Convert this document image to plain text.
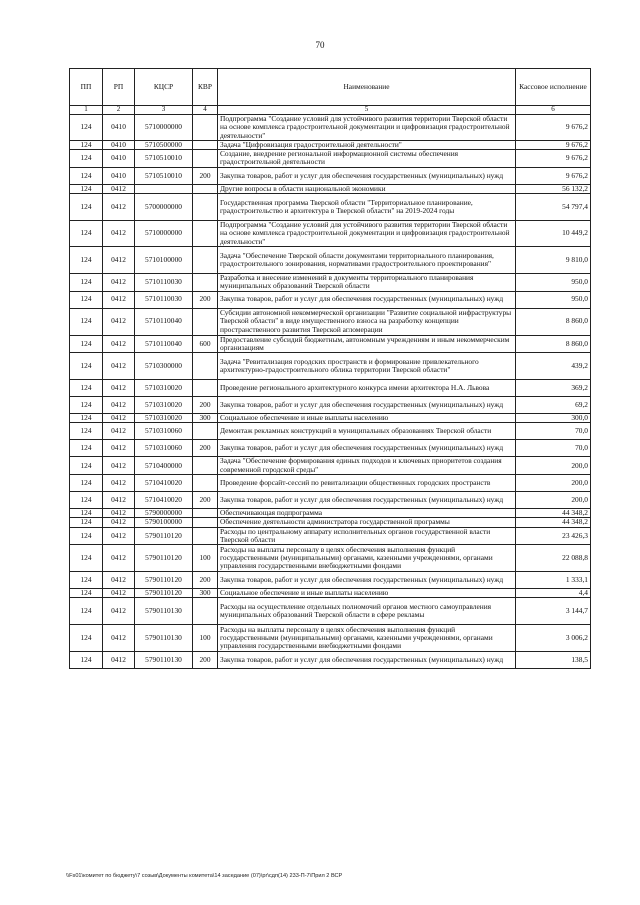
70
ПП	РП	КЦСР	КВР	Наименование	Кассовое исполнение
1	2	3	4	5	6
124	0410	5710000000		Подпрограмма "Создание условий для устойчивого развития территории Тверской области на основе комплекса градостроительной документации и цифровизация градостроительной деятельности"	9 676,2
124	0410	5710500000		Задача "Цифровизация градостроительной деятельности"	9 676,2
124	0410	5710510010		Создание, внедрение региональной информационной системы обеспечения градостроительной деятельности	9 676,2
124	0410	5710510010	200	Закупка товаров, работ и услуг для обеспечения государственных (муниципальных) нужд	9 676,2
124	0412			Другие вопросы в области национальной экономики	56 132,2
124	0412	5700000000		Государственная программа Тверской области "Территориальное планирование, градостроительство и архитектура в Тверской области" на 2019-2024 годы	54 797,4
124	0412	5710000000		Подпрограмма "Создание условий для устойчивого развития территории Тверской области на основе комплекса градостроительной документации и цифровизация градостроительной деятельности"	10 449,2
124	0412	5710100000		Задача "Обеспечение Тверской области документами территориального планирования, градостроительного зонирования, нормативами градостроительного проектирования"	9 810,0
124	0412	5710110030		Разработка и внесение изменений в документы территориального планирования муниципальных образований Тверской области	950,0
124	0412	5710110030	200	Закупка товаров, работ и услуг для обеспечения государственных (муниципальных) нужд	950,0
124	0412	5710110040		Субсидии автономной некоммерческой организации "Развитие социальной инфраструктуры Тверской области" в виде имущественного взноса на разработку концепции пространственного развития Тверской агломерации	8 860,0
124	0412	5710110040	600	Предоставление субсидий бюджетным, автономным учреждениям и иным некоммерческим организациям	8 860,0
124	0412	5710300000		Задача "Ревитализация городских пространств и формирование привлекательного архитектурно-градостроительного облика территории Тверской области"	439,2
124	0412	5710310020		Проведение регионального архитектурного конкурса имени архитектора Н.А. Львова	369,2
124	0412	5710310020	200	Закупка товаров, работ и услуг для обеспечения государственных (муниципальных) нужд	69,2
124	0412	5710310020	300	Социальное обеспечение и иные выплаты населению	300,0
124	0412	5710310060		Демонтаж рекламных конструкций в муниципальных образованиях Тверской области	70,0
124	0412	5710310060	200	Закупка товаров, работ и услуг для обеспечения государственных (муниципальных) нужд	70,0
124	0412	5710400000		Задача "Обеспечение формирования единых подходов и ключевых приоритетов создания современной городской среды"	200,0
124	0412	5710410020		Проведение форсайт-сессий по ревитализации общественных городских пространств	200,0
124	0412	5710410020	200	Закупка товаров, работ и услуг для обеспечения государственных (муниципальных) нужд	200,0
124	0412	5790000000		Обеспечивающая подпрограмма	44 348,2
124	0412	5790100000		Обеспечение деятельности администратора государственной программы	44 348,2
124	0412	5790110120		Расходы по центральному аппарату исполнительных органов государственной власти Тверской области	23 426,3
124	0412	5790110120	100	Расходы на выплаты персоналу в целях обеспечения выполнения функций государственными (муниципальными) органами, казенными учреждениями, органами управления государственными внебюджетными фондами	22 088,8
124	0412	5790110120	200	Закупка товаров, работ и услуг для обеспечения государственных (муниципальных) нужд	1 333,1
124	0412	5790110120	300	Социальное обеспечение и иные выплаты населению	4,4
124	0412	5790110130		Расходы на осуществление отдельных полномочий органов местного самоуправления муниципальных образований Тверской области в сфере рекламы	3 144,7
124	0412	5790110130	100	Расходы на выплаты персоналу в целях обеспечения выполнения функций государственными (муниципальными) органами, казенными учреждениями, органами управления государственными внебюджетными фондами	3 006,2
124	0412	5790110130	200	Закупка товаров, работ и услуг для обеспечения государственных (муниципальных) нужд	138,5
\\Fs01\комитет по бюджету\7 созыв\Документы комитета\14 заседание (07)\pr\сдп(14) 233-П-7\Прил 2 ВСР
